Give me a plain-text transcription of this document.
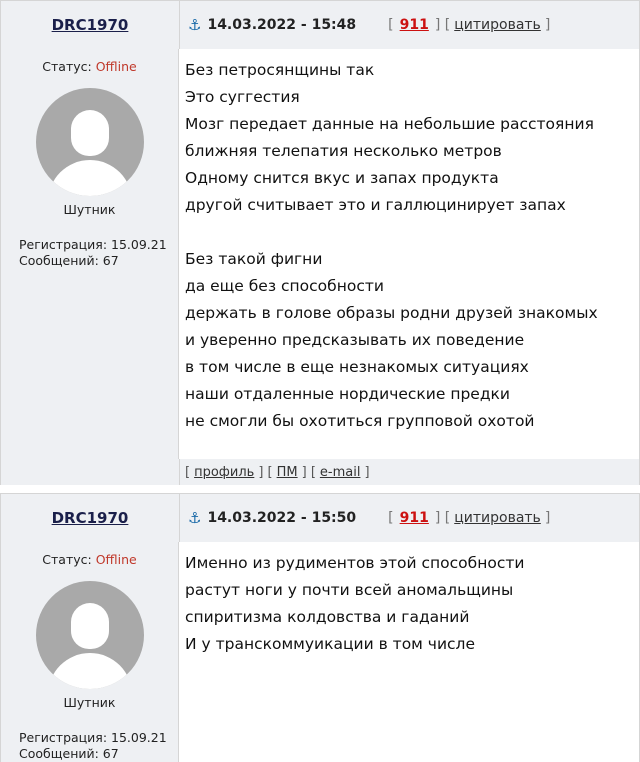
DRC1970	⚓ 14.03.2022 - 15:48 [ 911 ] [ цитировать ]
Статус: Offline
Шутник
Регистрация: 15.09.21
Сообщений: 67

Без петросянщины так

Это суггестия

Мозг передает данные на небольшие расстояния

ближняя телепатия несколько метров

Одному снится вкус и запах продукта

другой считывает это и галлюцинирует запах

Без такой фигни

да еще без способности

держать в голове образы родни друзей знакомых

и уверенно предсказывать их поведение

в том числе в еще незнакомых ситуациях

наши отдаленные нордические предки

не смогли бы охотиться групповой охотой

[ профиль ] [ ПМ ] [ e-mail ]
DRC1970	⚓ 14.03.2022 - 15:50 [ 911 ] [ цитировать ]
Статус: Offline
Шутник
Регистрация: 15.09.21
Сообщений: 67

Именно из рудиментов этой способности

растут ноги у почти всей аномальщины

спиритизма колдовства и гаданий

И у транскоммуикации в том числе
